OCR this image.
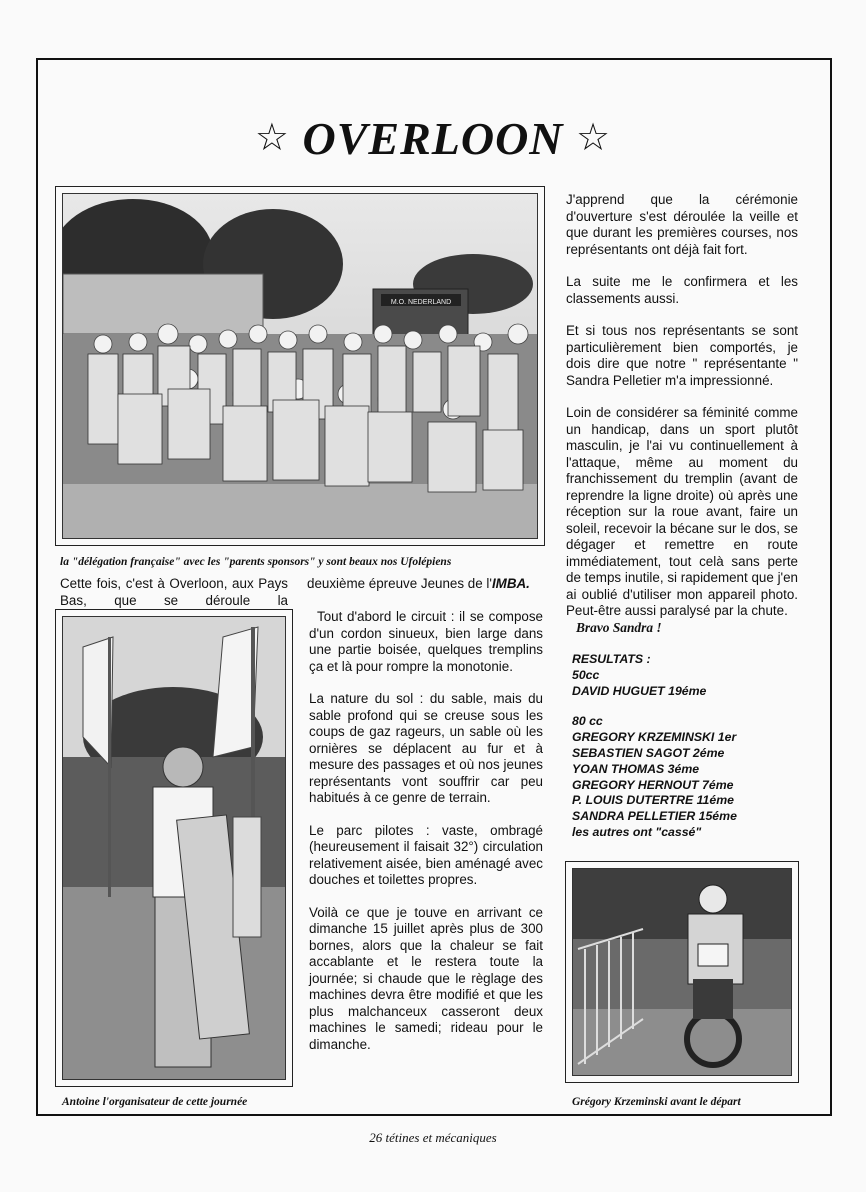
☆ OVERLOON ☆
M.O. NEDERLAND
la "délégation française" avec les "parents sponsors" y sont beaux nos Ufolépiens

J'apprend que la cérémonie d'ouverture s'est déroulée la veille et que durant les premières courses, nos représentants ont déjà fait fort.

La suite me le confirmera et les classements aussi.

Et si tous nos représentants se sont particulièrement bien comportés, je dois dire que notre " représentante " Sandra Pelletier m'a impressionné.

Loin de considérer sa féminité comme un handicap, dans un sport plutôt masculin, je l'ai vu continuellement à l'attaque, même au moment du franchissement du tremplin (avant de reprendre la ligne droite) où après une réception sur la roue avant, faire un soleil, recevoir la bécane sur le dos, se dégager et remettre en route immédiatement, tout celà sans perte de temps inutile, si rapidement que j'en ai oublié d'utiliser mon appareil photo. Peut-être aussi paralysé par la chute.

Bravo Sandra !
Cette fois, c'est à Overloon, aux Pays Bas, que se déroule la
deuxième épreuve Jeunes de l'IMBA.
Antoine l'organisateur de cette journée

Tout d'abord le circuit : il se compose d'un cordon sinueux, bien large dans une partie boisée, quelques tremplins ça et là pour rompre la monotonie.

La nature du sol : du sable, mais du sable profond qui se creuse sous les coups de gaz rageurs, un sable où les ornières se déplacent au fur et à mesure des passages et où nos jeunes représentants vont souffrir car peu habitués à ce genre de terrain.

Le parc pilotes : vaste, ombragé (heureusement il faisait 32°) circulation relativement aisée, bien aménagé avec douches et toilettes propres.

Voilà ce que je touve en arrivant ce dimanche 15 juillet après plus de 300 bornes, alors que la chaleur se fait accablante et le restera toute la journée; si chaude que le règlage des machines devra être modifié et que les plus malchanceux casseront deux machines le samedi; rideau pour le dimanche.

RESULTATS :
50cc
DAVID HUGUET 19éme
80 cc
GREGORY KRZEMINSKI 1er
SEBASTIEN SAGOT 2éme
YOAN THOMAS 3éme
GREGORY HERNOUT 7éme
P. LOUIS DUTERTRE 11éme
SANDRA PELLETIER 15éme
les autres ont "cassé"
Grégory Krzeminski avant le départ
26 tétines et mécaniques
